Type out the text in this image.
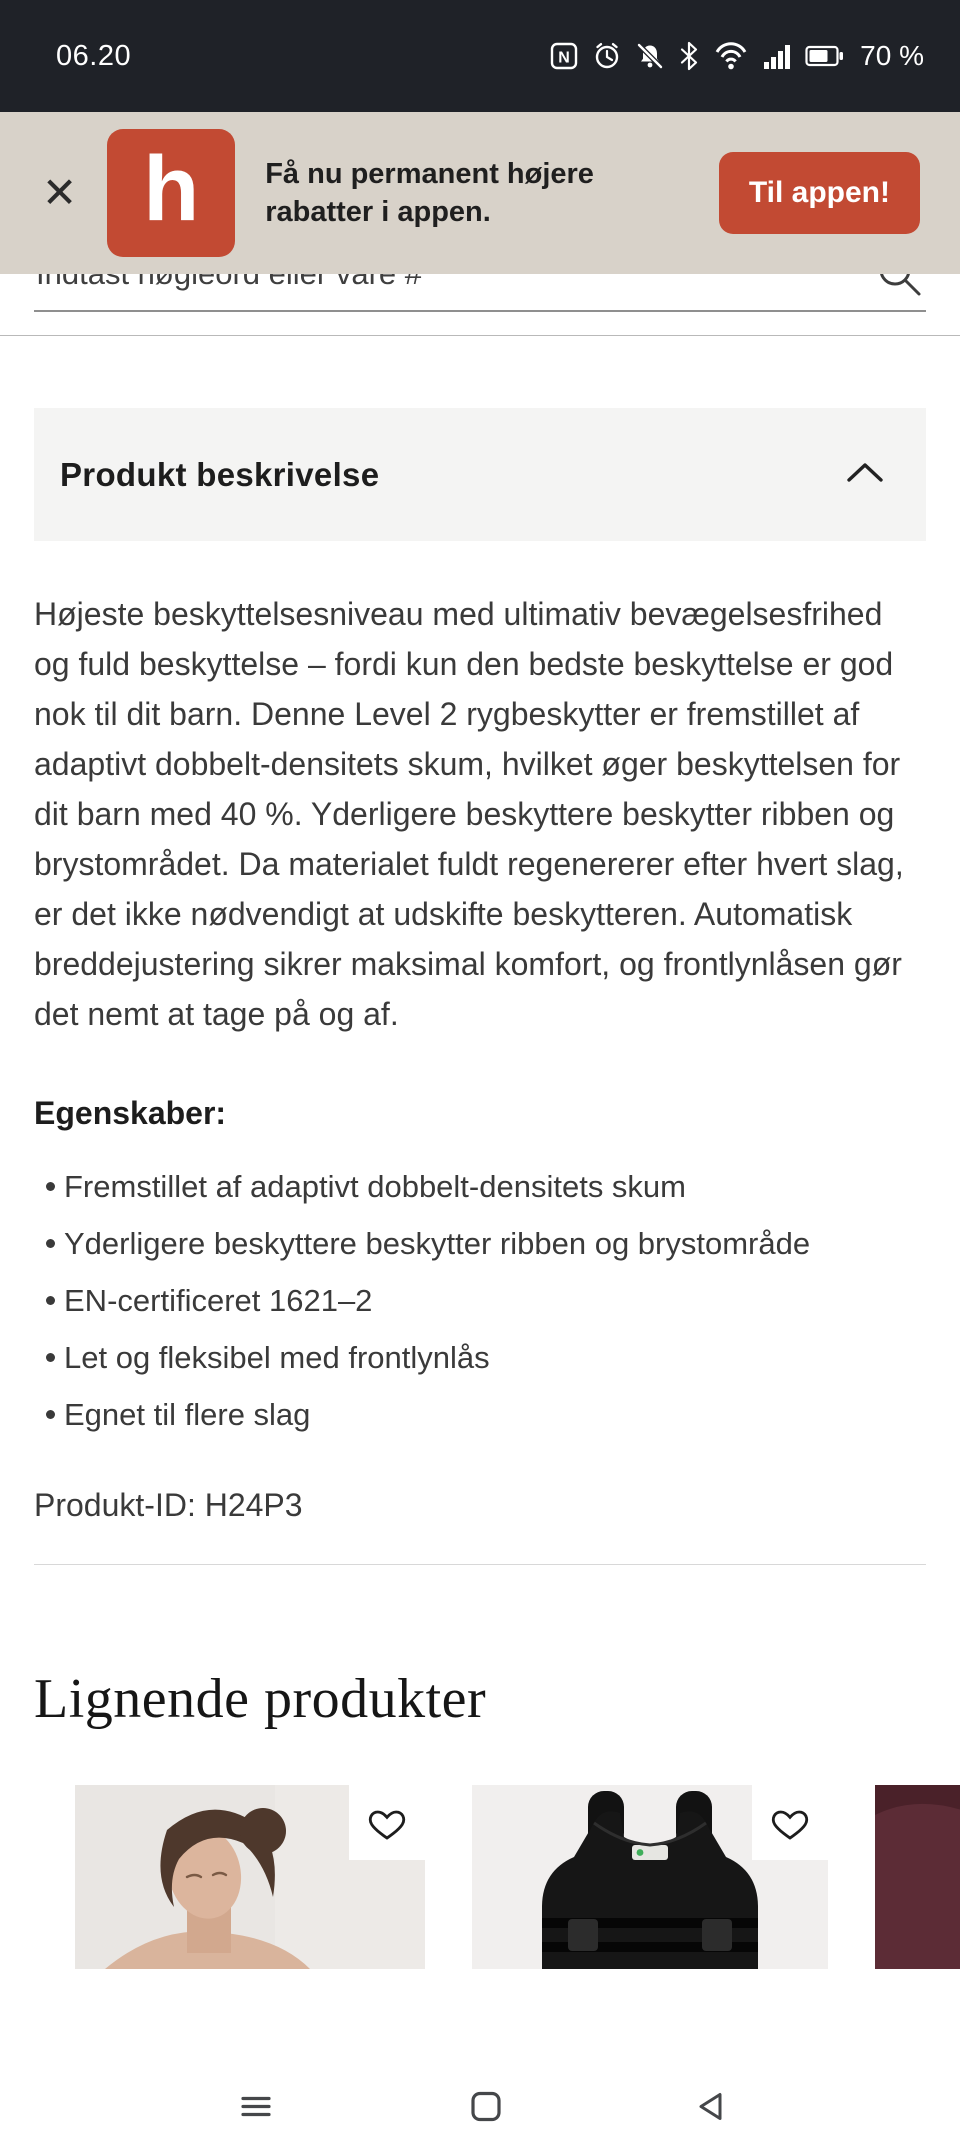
06.20	N	70 %
✕ h Få nu permanent højere
rabatter i appen.
Til appen!
Produkt beskrivelse

Højeste beskyttelsesniveau med ultimativ bevægelsesfrihed og fuld beskyttelse – fordi kun den bedste beskyttelse er god nok til dit barn. Denne Level 2 rygbeskytter er fremstillet af adaptivt dobbelt-densitets skum, hvilket øger beskyttelsen for dit barn med 40 %. Yderligere beskyttere beskytter ribben og brystområdet. Da materialet fuldt regenererer efter hvert slag, er det ikke nødvendigt at udskifte beskytteren. Automatisk breddejustering sikrer maksimal komfort, og frontlynlåsen gør det nemt at tage på og af.

Egenskaber:
Fremstillet af adaptivt dobbelt-densitets skum
Yderligere beskyttere beskytter ribben og brystområde
EN-certificeret 1621–2
Let og fleksibel med frontlynlås
Egnet til flere slag

Produkt-ID: H24P3

Lignende produkter
